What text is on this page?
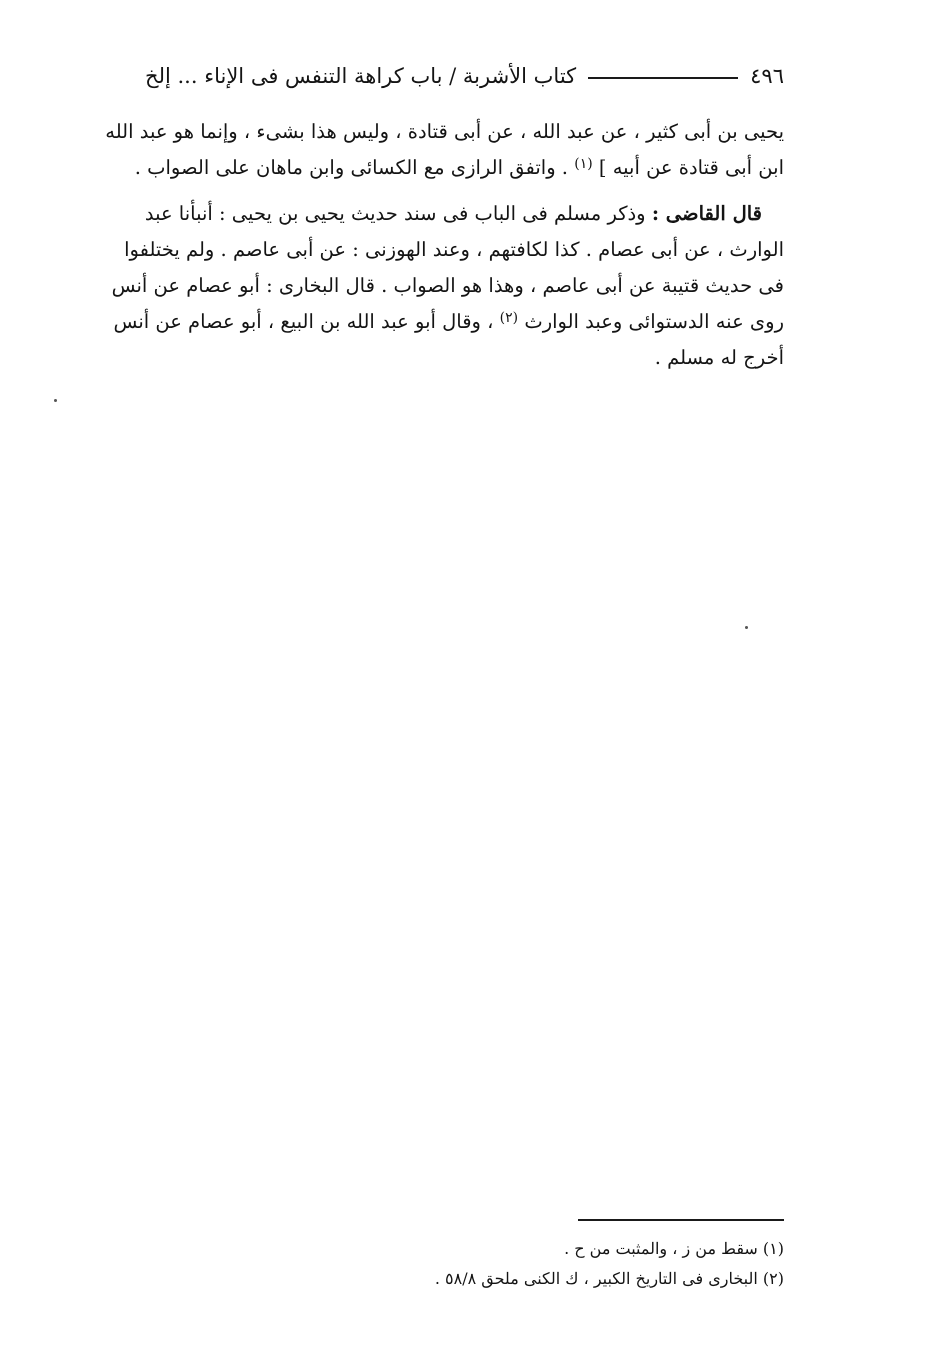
٤٩٦
كتاب الأشربة / باب كراهة التنفس فى الإناء ... إلخ
يحيى بن أبى كثير ، عن عبد الله ، عن أبى قتادة ، وليس هذا بشىء ، وإنما هو عبد الله
ابن أبى قتادة عن أبيه ] $^{(١)}$ . واتفق الرازى مع الكسائى وابن ماهان على الصواب .
قال القاضى : وذكر مسلم فى الباب فى سند حديث يحيى بن يحيى : أنبأنا عبد
الوارث ، عن أبى عصام . كذا لكافتهم ، وعند الهوزنى : عن أبى عاصم . ولم يختلفوا
فى حديث قتيبة عن أبى عاصم ، وهذا هو الصواب . قال البخارى : أبو عصام عن أنس
روى عنه الدستوائى وعبد الوارث $^{(٢)}$ ، وقال أبو عبد الله بن البيع ، أبو عصام عن أنس
أخرج له مسلم .
(١) سقط من ز ، والمثبت من ح .
(٢) البخارى فى التاريخ الكبير ، ك الكنى ملحق ٥٨/٨ .
